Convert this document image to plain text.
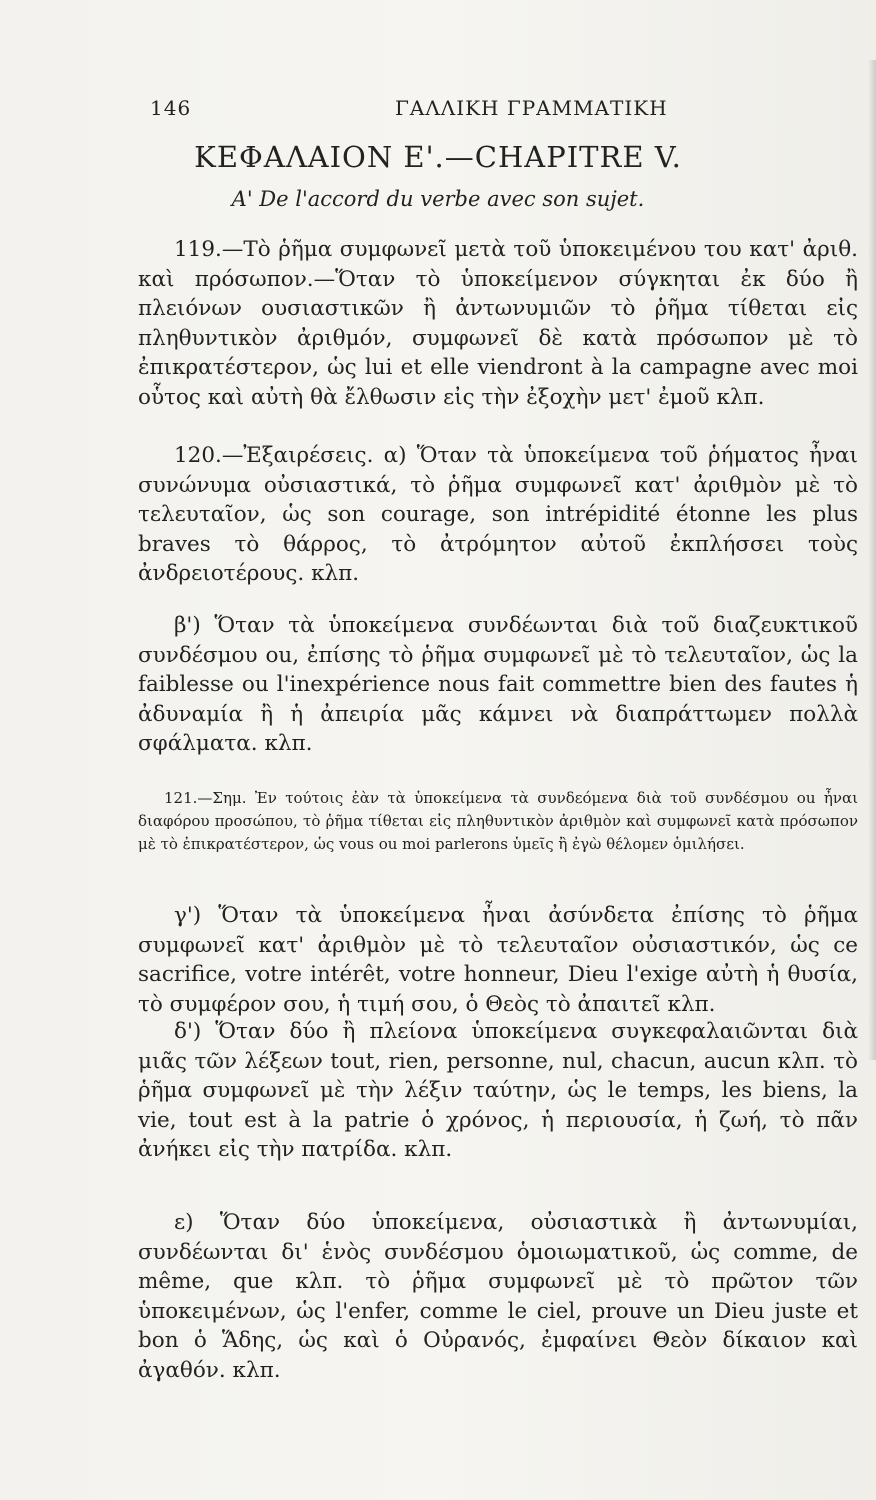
146	ΓΑΛΛΙΚΗ ΓΡΑΜΜΑΤΙΚΗ
ΚΕΦΑΛΑΙΟΝ Ε'.—CHAPITRE V.
Α' De l'accord du verbe avec son sujet.

119.—Τὸ ῥῆμα συμφωνεῖ μετὰ τοῦ ὑποκειμένου του κατ' ἀριθ. καὶ πρόσωπον.—Ὅταν τὸ ὑποκείμενον σύγκηται ἐκ δύο ἢ πλειόνων ουσιαστικῶν ἢ ἀντωνυμιῶν τὸ ῥῆμα τίθεται εἰς πληθυντικὸν ἀριθμόν, συμφωνεῖ δὲ κατὰ πρόσωπον μὲ τὸ ἐπικρατέστερον, ὡς lui et elle viendront à la campagne avec moi οὗτος καὶ αὐτὴ θὰ ἔλθωσιν εἰς τὴν ἐξοχὴν μετ' ἐμοῦ κλπ.

120.—Ἐξαιρέσεις. α) Ὅταν τὰ ὑποκείμενα τοῦ ῥήματος ἦναι συνώνυμα οὐσιαστικά, τὸ ῥῆμα συμφωνεῖ κατ' ἀριθμὸν μὲ τὸ τελευταῖον, ὡς son courage, son intrépidité étonne les plus braves τὸ θάρρος, τὸ ἀτρόμητον αὐτοῦ ἐκπλήσσει τοὺς ἀνδρειοτέρους. κλπ.

β') Ὅταν τὰ ὑποκείμενα συνδέωνται διὰ τοῦ διαζευκτικοῦ συνδέσμου ou, ἐπίσης τὸ ῥῆμα συμφωνεῖ μὲ τὸ τελευταῖον, ὡς la faiblesse ou l'inexpérience nous fait commettre bien des fautes ἡ ἀδυναμία ἢ ἡ ἀπειρία μᾶς κάμνει νὰ διαπράττωμεν πολλὰ σφάλματα. κλπ.

121.—Σημ. Ἐν τούτοις ἐὰν τὰ ὑποκείμενα τὰ συνδεόμενα διὰ τοῦ συνδέσμου ou ἦναι διαφόρου προσώπου, τὸ ῥῆμα τίθεται εἰς πληθυντικὸν ἀριθμὸν καὶ συμφωνεῖ κατὰ πρόσωπον μὲ τὸ ἐπικρατέστερον, ὡς vous ou moi parlerons ὑμεῖς ἢ ἐγὼ θέλομεν ὁμιλήσει.

γ') Ὅταν τὰ ὑποκείμενα ἦναι ἀσύνδετα ἐπίσης τὸ ῥῆμα συμφωνεῖ κατ' ἀριθμὸν μὲ τὸ τελευταῖον οὐσιαστικόν, ὡς ce sacrifice, votre intérêt, votre honneur, Dieu l'exige αὐτὴ ἡ θυσία, τὸ συμφέρον σου, ἡ τιμή σου, ὁ Θεὸς τὸ ἀπαιτεῖ κλπ.

δ') Ὅταν δύο ἢ πλείονα ὑποκείμενα συγκεφαλαιῶνται διὰ μιᾶς τῶν λέξεων tout, rien, personne, nul, chacun, aucun κλπ. τὸ ῥῆμα συμφωνεῖ μὲ τὴν λέξιν ταύτην, ὡς le temps, les biens, la vie, tout est à la patrie ὁ χρόνος, ἡ περιουσία, ἡ ζωή, τὸ πᾶν ἀνήκει εἰς τὴν πατρίδα. κλπ.

ε) Ὅταν δύο ὑποκείμενα, οὐσιαστικὰ ἢ ἀντωνυμίαι, συνδέωνται δι' ἑνὸς συνδέσμου ὁμοιωματικοῦ, ὡς comme, de même, que κλπ. τὸ ῥῆμα συμφωνεῖ μὲ τὸ πρῶτον τῶν ὑποκειμένων, ὡς l'enfer, comme le ciel, prouve un Dieu juste et bon ὁ Ἅδης, ὡς καὶ ὁ Οὐρανός, ἐμφαίνει Θεὸν δίκαιον καὶ ἀγαθόν. κλπ.
